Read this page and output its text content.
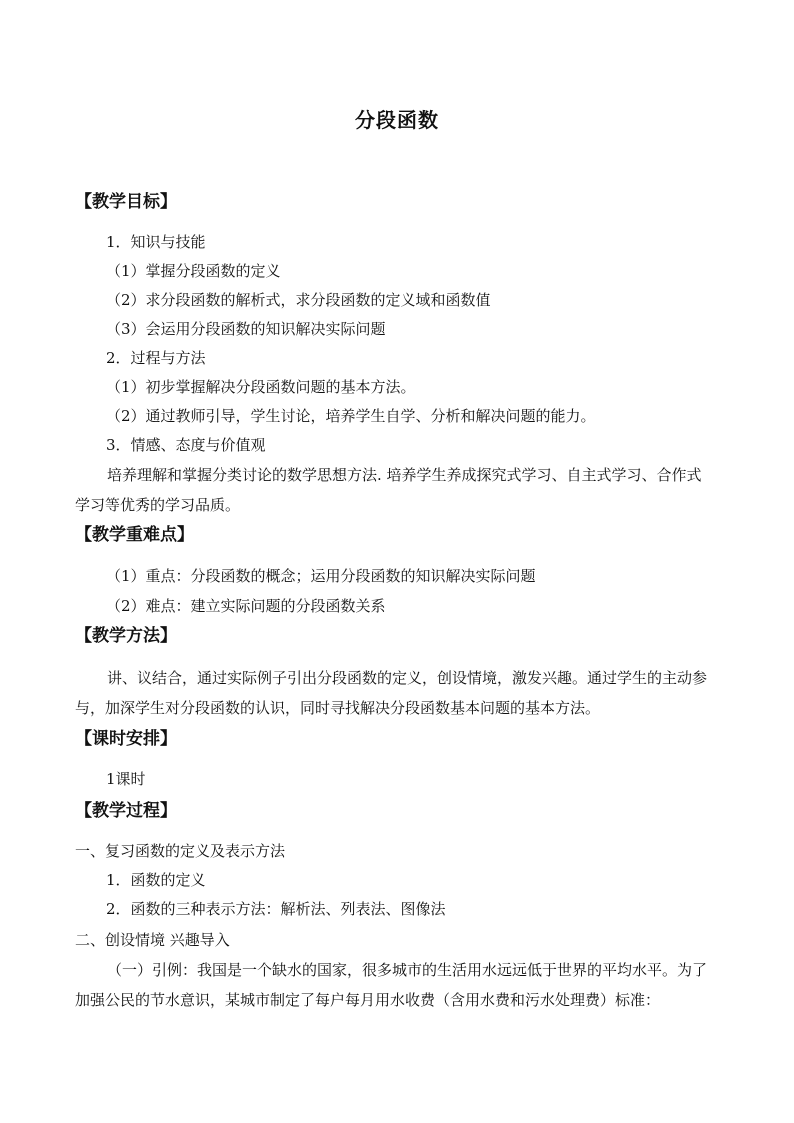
分段函数
【教学目标】
1．知识与技能
（1）掌握分段函数的定义
（2）求分段函数的解析式，求分段函数的定义域和函数值
（3）会运用分段函数的知识解决实际问题
2．过程与方法
（1）初步掌握解决分段函数问题的基本方法。
（2）通过教师引导，学生讨论，培养学生自学、分析和解决问题的能力。
3．情感、态度与价值观
培养理解和掌握分类讨论的数学思想方法. 培养学生养成探究式学习、自主式学习、合作式学习等优秀的学习品质。
【教学重难点】
（1）重点：分段函数的概念；运用分段函数的知识解决实际问题
（2）难点：建立实际问题的分段函数关系
【教学方法】
讲、议结合，通过实际例子引出分段函数的定义，创设情境，激发兴趣。通过学生的主动参与，加深学生对分段函数的认识，同时寻找解决分段函数基本问题的基本方法。
【课时安排】
1课时
【教学过程】
一、复习函数的定义及表示方法
1．函数的定义
2．函数的三种表示方法：解析法、列表法、图像法
二、创设情境 兴趣导入
（一）引例：我国是一个缺水的国家，很多城市的生活用水远远低于世界的平均水平。为了加强公民的节水意识，某城市制定了每户每月用水收费（含用水费和污水处理费）标准：
